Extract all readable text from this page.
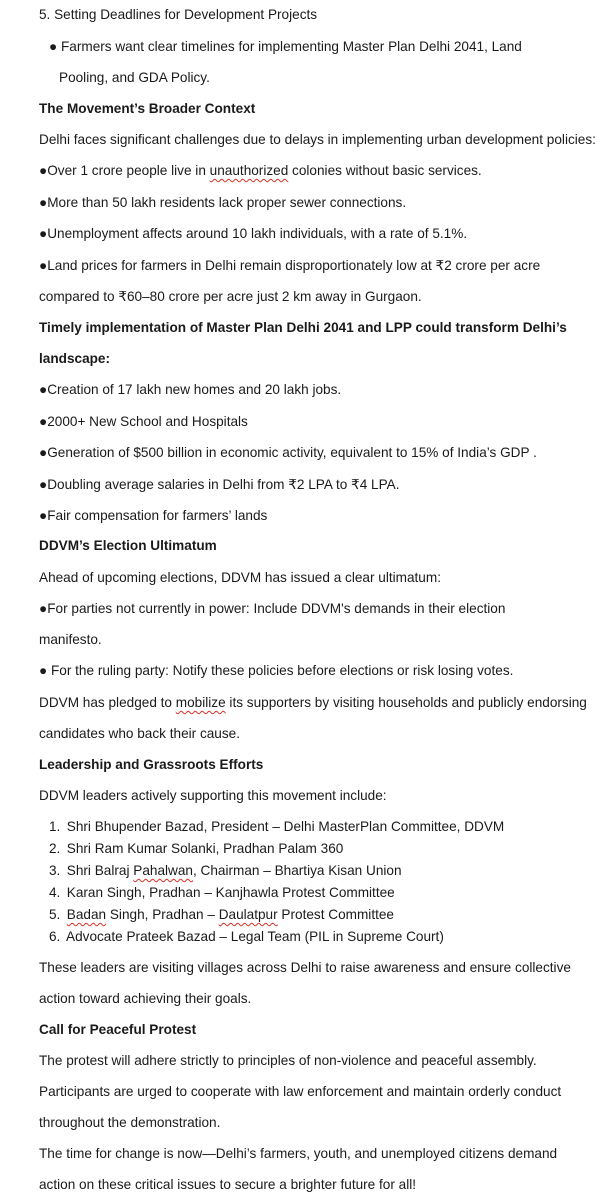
5. Setting Deadlines for Development Projects
● Farmers want clear timelines for implementing Master Plan Delhi 2041, Land
Pooling, and GDA Policy.
The Movement’s Broader Context
Delhi faces significant challenges due to delays in implementing urban development policies:
●Over 1 crore people live in unauthorized colonies without basic services.
●More than 50 lakh residents lack proper sewer connections.
●Unemployment affects around 10 lakh individuals, with a rate of 5.1%.
●Land prices for farmers in Delhi remain disproportionately low at ₹2 crore per acre
compared to ₹60–80 crore per acre just 2 km away in Gurgaon.
Timely implementation of Master Plan Delhi 2041 and LPP could transform Delhi’s
landscape:
●Creation of 17 lakh new homes and 20 lakh jobs.
●2000+ New School and Hospitals
●Generation of $500 billion in economic activity, equivalent to 15% of India’s GDP .
●Doubling average salaries in Delhi from ₹2 LPA to ₹4 LPA.
●Fair compensation for farmers’ lands
DDVM’s Election Ultimatum
Ahead of upcoming elections, DDVM has issued a clear ultimatum:
●For parties not currently in power: Include DDVM's demands in their election
manifesto.
● For the ruling party: Notify these policies before elections or risk losing votes.
DDVM has pledged to mobilize its supporters by visiting households and publicly endorsing
candidates who back their cause.
Leadership and Grassroots Efforts
DDVM leaders actively supporting this movement include:
1. Shri Bhupender Bazad, President – Delhi MasterPlan Committee, DDVM
2. Shri Ram Kumar Solanki, Pradhan Palam 360
3. Shri Balraj Pahalwan, Chairman – Bhartiya Kisan Union
4. Karan Singh, Pradhan – Kanjhawla Protest Committee
5. Badan Singh, Pradhan – Daulatpur Protest Committee
6. Advocate Prateek Bazad – Legal Team (PIL in Supreme Court)
These leaders are visiting villages across Delhi to raise awareness and ensure collective
action toward achieving their goals.
Call for Peaceful Protest
The protest will adhere strictly to principles of non-violence and peaceful assembly.
Participants are urged to cooperate with law enforcement and maintain orderly conduct
throughout the demonstration.
The time for change is now—Delhi’s farmers, youth, and unemployed citizens demand
action on these critical issues to secure a brighter future for all!
